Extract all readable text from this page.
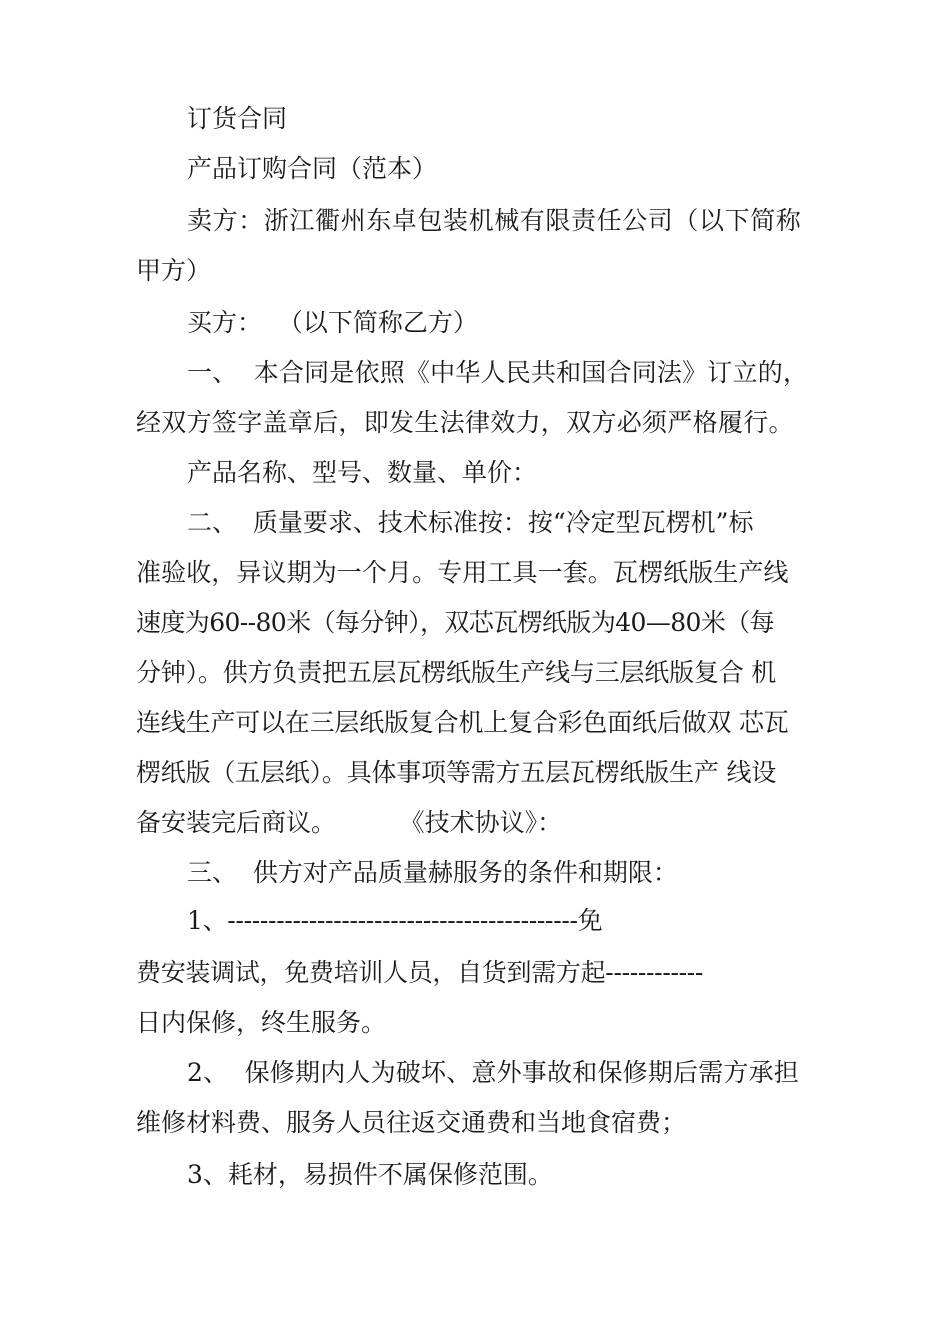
订货合同
产品订购合同（范本）
卖方：浙江衢州东卓包装机械有限责任公司（以下简称
甲方）
买方：  （以下简称乙方）
一、  本合同是依照《中华人民共和国合同法》订立的，
经双方签字盖章后，即发生法律效力，双方必须严格履行。
产品名称、型号、数量、单价：
二、  质量要求、技术标准按：按“冷定型瓦楞机”标
准验收，异议期为一个月。专用工具一套。瓦楞纸版生产线
速度为60--80米（每分钟），双芯瓦楞纸版为40—80米（每
分钟）。供方负责把五层瓦楞纸版生产线与三层纸版复合 机
连线生产可以在三层纸版复合机上复合彩色面纸后做双 芯瓦
楞纸版（五层纸）。具体事项等需方五层瓦楞纸版生产 线设
备安装完后商议。        《技术协议》：
三、  供方对产品质量赫服务的条件和期限：
1、-------------------------------------------免
费安装调试，免费培训人员，自货到需方起------------
日内保修，终生服务。
2、  保修期内人为破坏、意外事故和保修期后需方承担
维修材料费、服务人员往返交通费和当地食宿费；
3、耗材，易损件不属保修范围。
